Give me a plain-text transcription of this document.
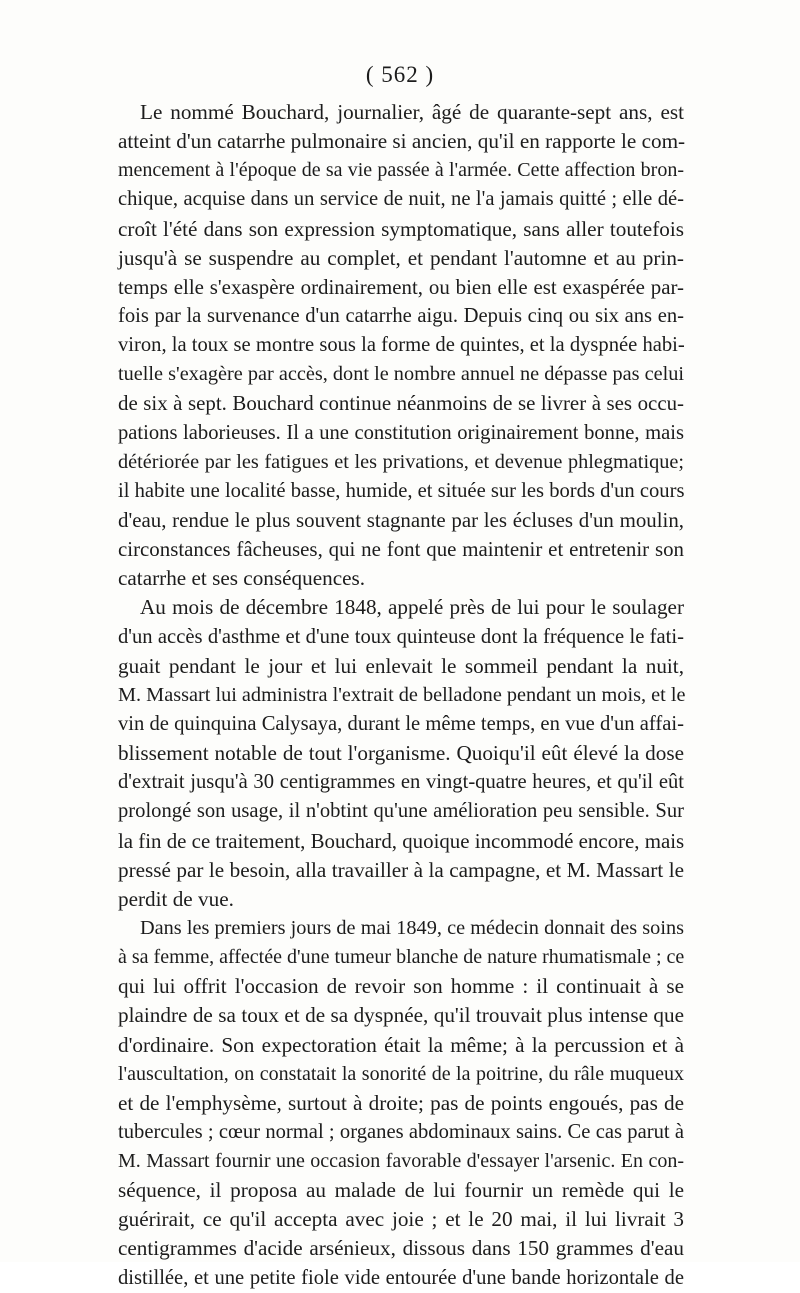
( 562 )
Le nommé Bouchard, journalier, âgé de quarante-sept ans, est
atteint d'un catarrhe pulmonaire si ancien, qu'il en rapporte le com-
mencement à l'époque de sa vie passée à l'armée. Cette affection bron-
chique, acquise dans un service de nuit, ne l'a jamais quitté ; elle dé-
croît l'été dans son expression symptomatique, sans aller toutefois
jusqu'à se suspendre au complet, et pendant l'automne et au prin-
temps elle s'exaspère ordinairement, ou bien elle est exaspérée par-
fois par la survenance d'un catarrhe aigu. Depuis cinq ou six ans en-
viron, la toux se montre sous la forme de quintes, et la dyspnée habi-
tuelle s'exagère par accès, dont le nombre annuel ne dépasse pas celui
de six à sept. Bouchard continue néanmoins de se livrer à ses occu-
pations laborieuses. Il a une constitution originairement bonne, mais
détériorée par les fatigues et les privations, et devenue phlegmatique;
il habite une localité basse, humide, et située sur les bords d'un cours
d'eau, rendue le plus souvent stagnante par les écluses d'un moulin,
circonstances fâcheuses, qui ne font que maintenir et entretenir son
catarrhe et ses conséquences.
Au mois de décembre 1848, appelé près de lui pour le soulager
d'un accès d'asthme et d'une toux quinteuse dont la fréquence le fati-
guait pendant le jour et lui enlevait le sommeil pendant la nuit,
M. Massart lui administra l'extrait de belladone pendant un mois, et le
vin de quinquina Calysaya, durant le même temps, en vue d'un affai-
blissement notable de tout l'organisme. Quoiqu'il eût élevé la dose
d'extrait jusqu'à 30 centigrammes en vingt-quatre heures, et qu'il eût
prolongé son usage, il n'obtint qu'une amélioration peu sensible. Sur
la fin de ce traitement, Bouchard, quoique incommodé encore, mais
pressé par le besoin, alla travailler à la campagne, et M. Massart le
perdit de vue.
Dans les premiers jours de mai 1849, ce médecin donnait des soins
à sa femme, affectée d'une tumeur blanche de nature rhumatismale ; ce
qui lui offrit l'occasion de revoir son homme : il continuait à se
plaindre de sa toux et de sa dyspnée, qu'il trouvait plus intense que
d'ordinaire. Son expectoration était la même; à la percussion et à
l'auscultation, on constatait la sonorité de la poitrine, du râle muqueux
et de l'emphysème, surtout à droite; pas de points engoués, pas de
tubercules ; cœur normal ; organes abdominaux sains. Ce cas parut à
M. Massart fournir une occasion favorable d'essayer l'arsenic. En con-
séquence, il proposa au malade de lui fournir un remède qui le
guérirait, ce qu'il accepta avec joie ; et le 20 mai, il lui livrait 3
centigrammes d'acide arsénieux, dissous dans 150 grammes d'eau
distillée, et une petite fiole vide entourée d'une bande horizontale de
